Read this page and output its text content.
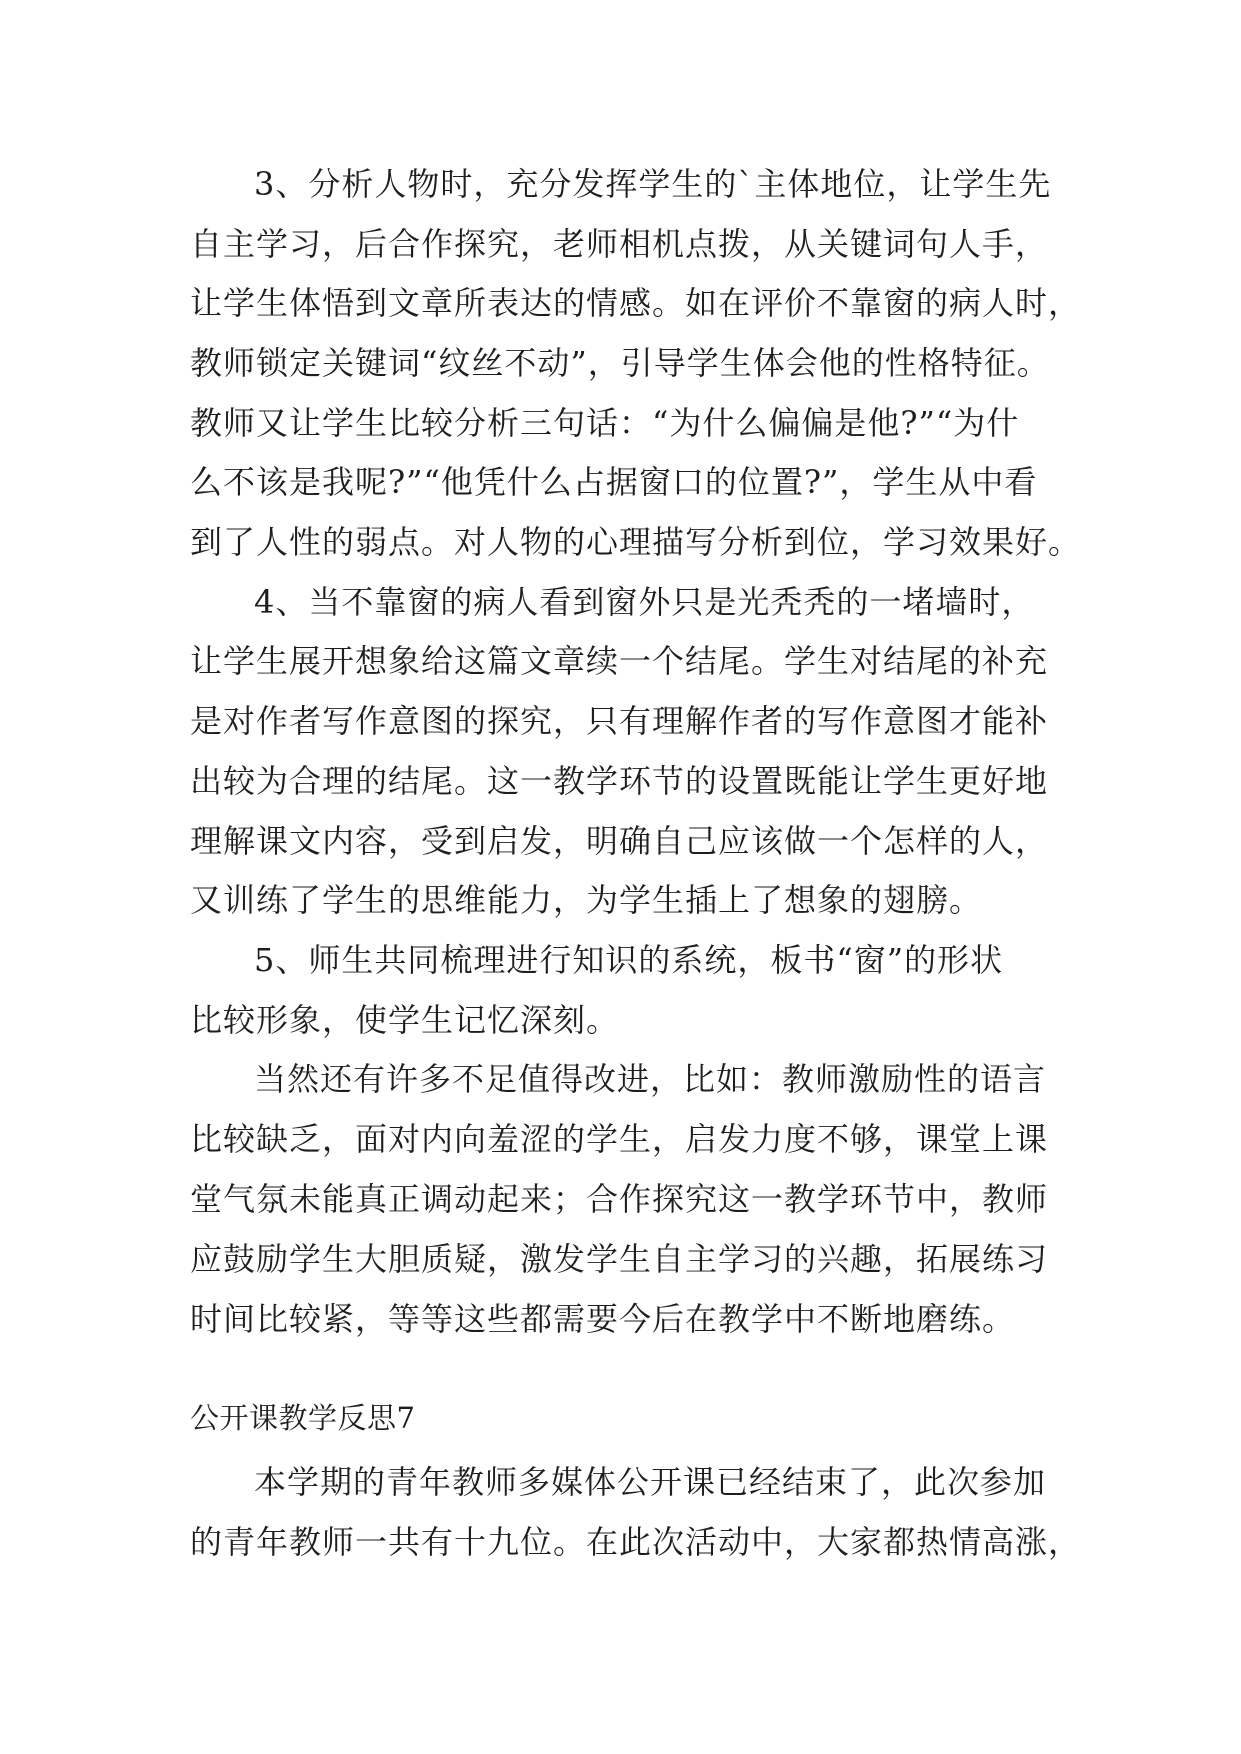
3、分析人物时，充分发挥学生的`主体地位，让学生先
自主学习，后合作探究，老师相机点拨，从关键词句人手，
让学生体悟到文章所表达的情感。如在评价不靠窗的病人时，
教师锁定关键词“纹丝不动”，引导学生体会他的性格特征。
教师又让学生比较分析三句话：“为什么偏偏是他?”“为什
么不该是我呢?”“他凭什么占据窗口的位置?”，学生从中看
到了人性的弱点。对人物的心理描写分析到位，学习效果好。
4、当不靠窗的病人看到窗外只是光秃秃的一堵墙时，
让学生展开想象给这篇文章续一个结尾。学生对结尾的补充
是对作者写作意图的探究，只有理解作者的写作意图才能补
出较为合理的结尾。这一教学环节的设置既能让学生更好地
理解课文内容，受到启发，明确自己应该做一个怎样的人，
又训练了学生的思维能力，为学生插上了想象的翅膀。
5、师生共同梳理进行知识的系统，板书“窗”的形状
比较形象，使学生记忆深刻。
当然还有许多不足值得改进，比如：教师激励性的语言
比较缺乏，面对内向羞涩的学生，启发力度不够，课堂上课
堂气氛未能真正调动起来；合作探究这一教学环节中，教师
应鼓励学生大胆质疑，激发学生自主学习的兴趣，拓展练习
时间比较紧，等等这些都需要今后在教学中不断地磨练。
公开课教学反思7
本学期的青年教师多媒体公开课已经结束了，此次参加
的青年教师一共有十九位。在此次活动中，大家都热情高涨，
